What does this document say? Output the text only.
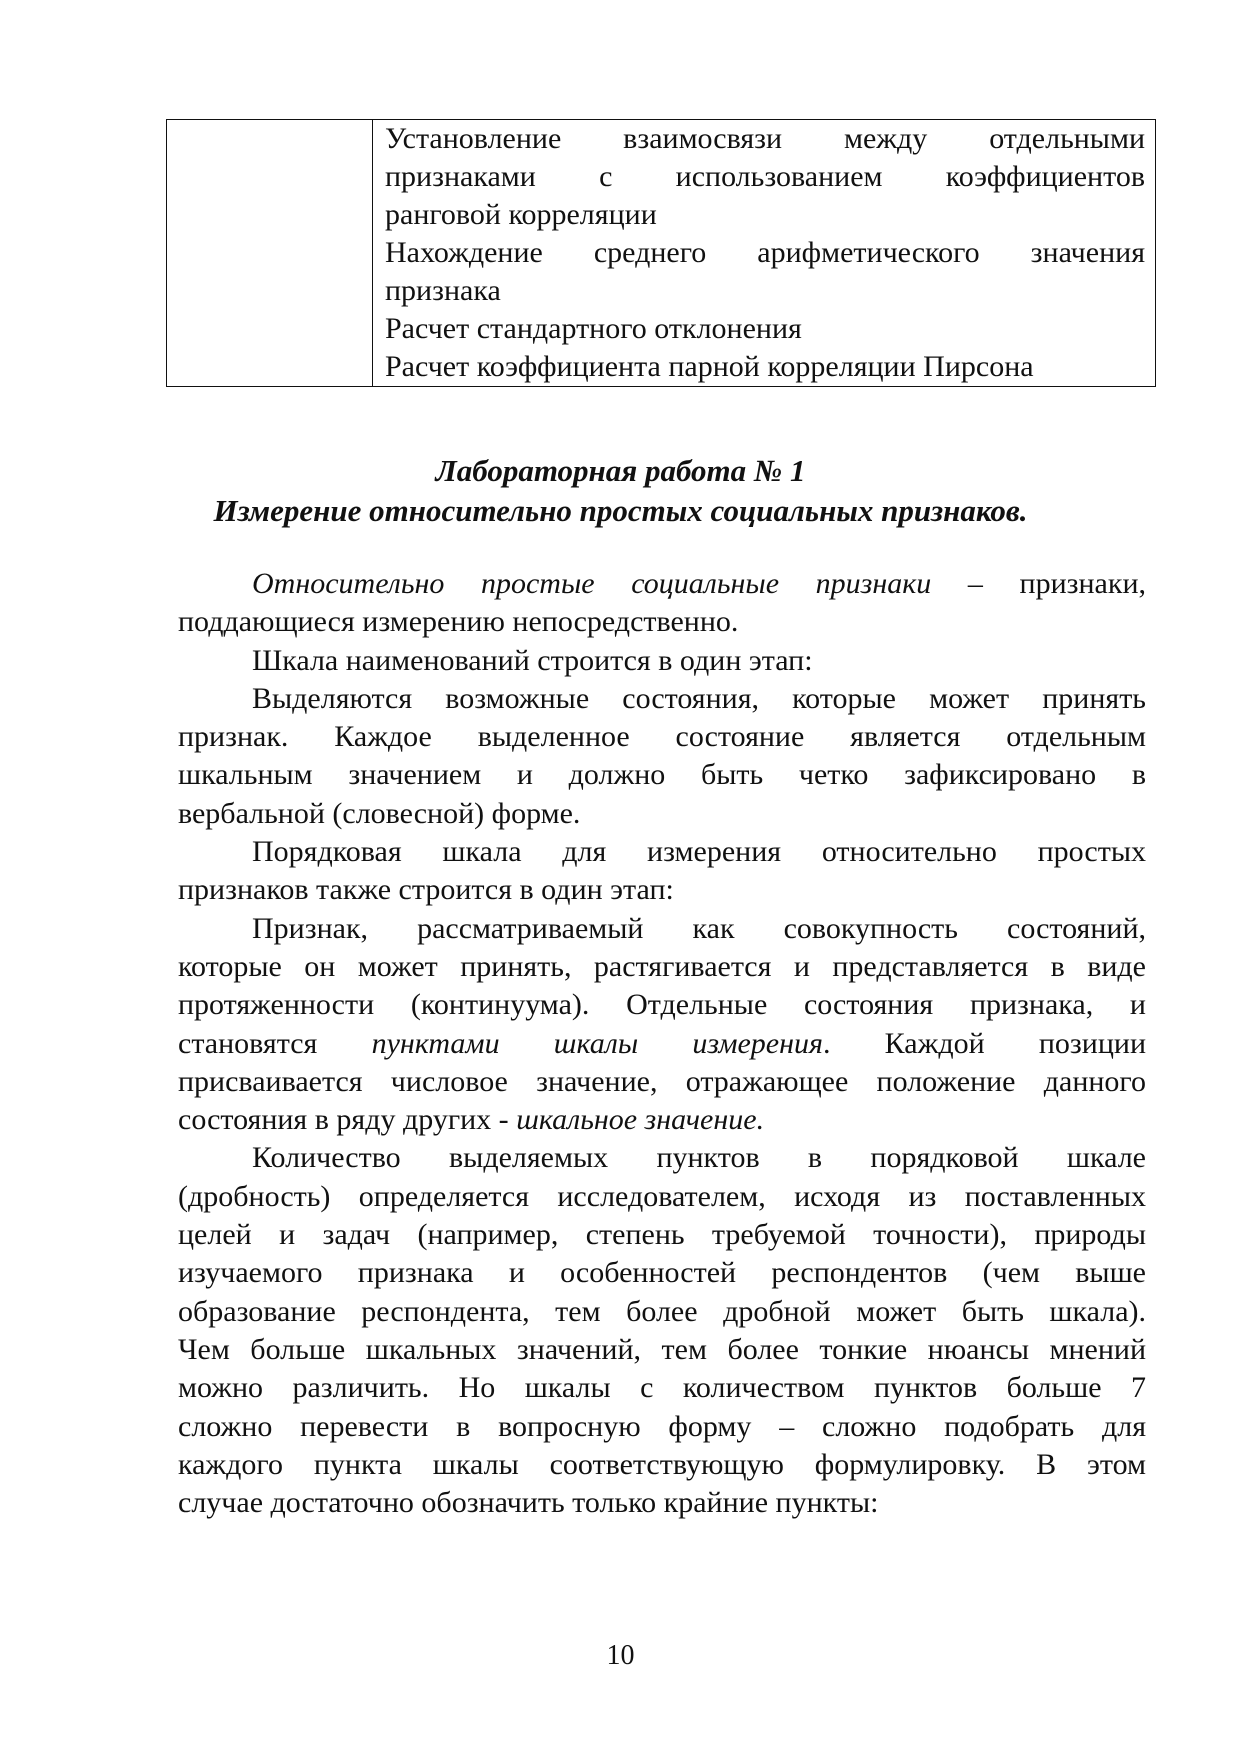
Установление взаимосвязи между отдельными
признаками с использованием коэффициентов
ранговой корреляции
Нахождение среднего арифметического значения
признака
Расчет стандартного отклонения
Расчет коэффициента парной корреляции Пирсона
Лабораторная работа № 1
Измерение относительно простых социальных признаков.
Относительно простые социальные признаки – признаки,
поддающиеся измерению непосредственно.
Шкала наименований строится в один этап:
Выделяются возможные состояния, которые может принять
признак. Каждое выделенное состояние является отдельным
шкальным значением и должно быть четко зафиксировано в
вербальной (словесной) форме.
Порядковая шкала для измерения относительно простых
признаков также строится в один этап:
Признак, рассматриваемый как совокупность состояний,
которые он может принять, растягивается и представляется в виде
протяженности (континуума). Отдельные состояния признака, и
становятся пунктами шкалы измерения. Каждой позиции
присваивается числовое значение, отражающее положение данного
состояния в ряду других - шкальное значение.
Количество выделяемых пунктов в порядковой шкале
(дробность) определяется исследователем, исходя из поставленных
целей и задач (например, степень требуемой точности), природы
изучаемого признака и особенностей респондентов (чем выше
образование респондента, тем более дробной может быть шкала).
Чем больше шкальных значений, тем более тонкие нюансы мнений
можно различить. Но шкалы с количеством пунктов больше 7
сложно перевести в вопросную форму – сложно подобрать для
каждого пункта шкалы соответствующую формулировку. В этом
случае достаточно обозначить только крайние пункты:
10
